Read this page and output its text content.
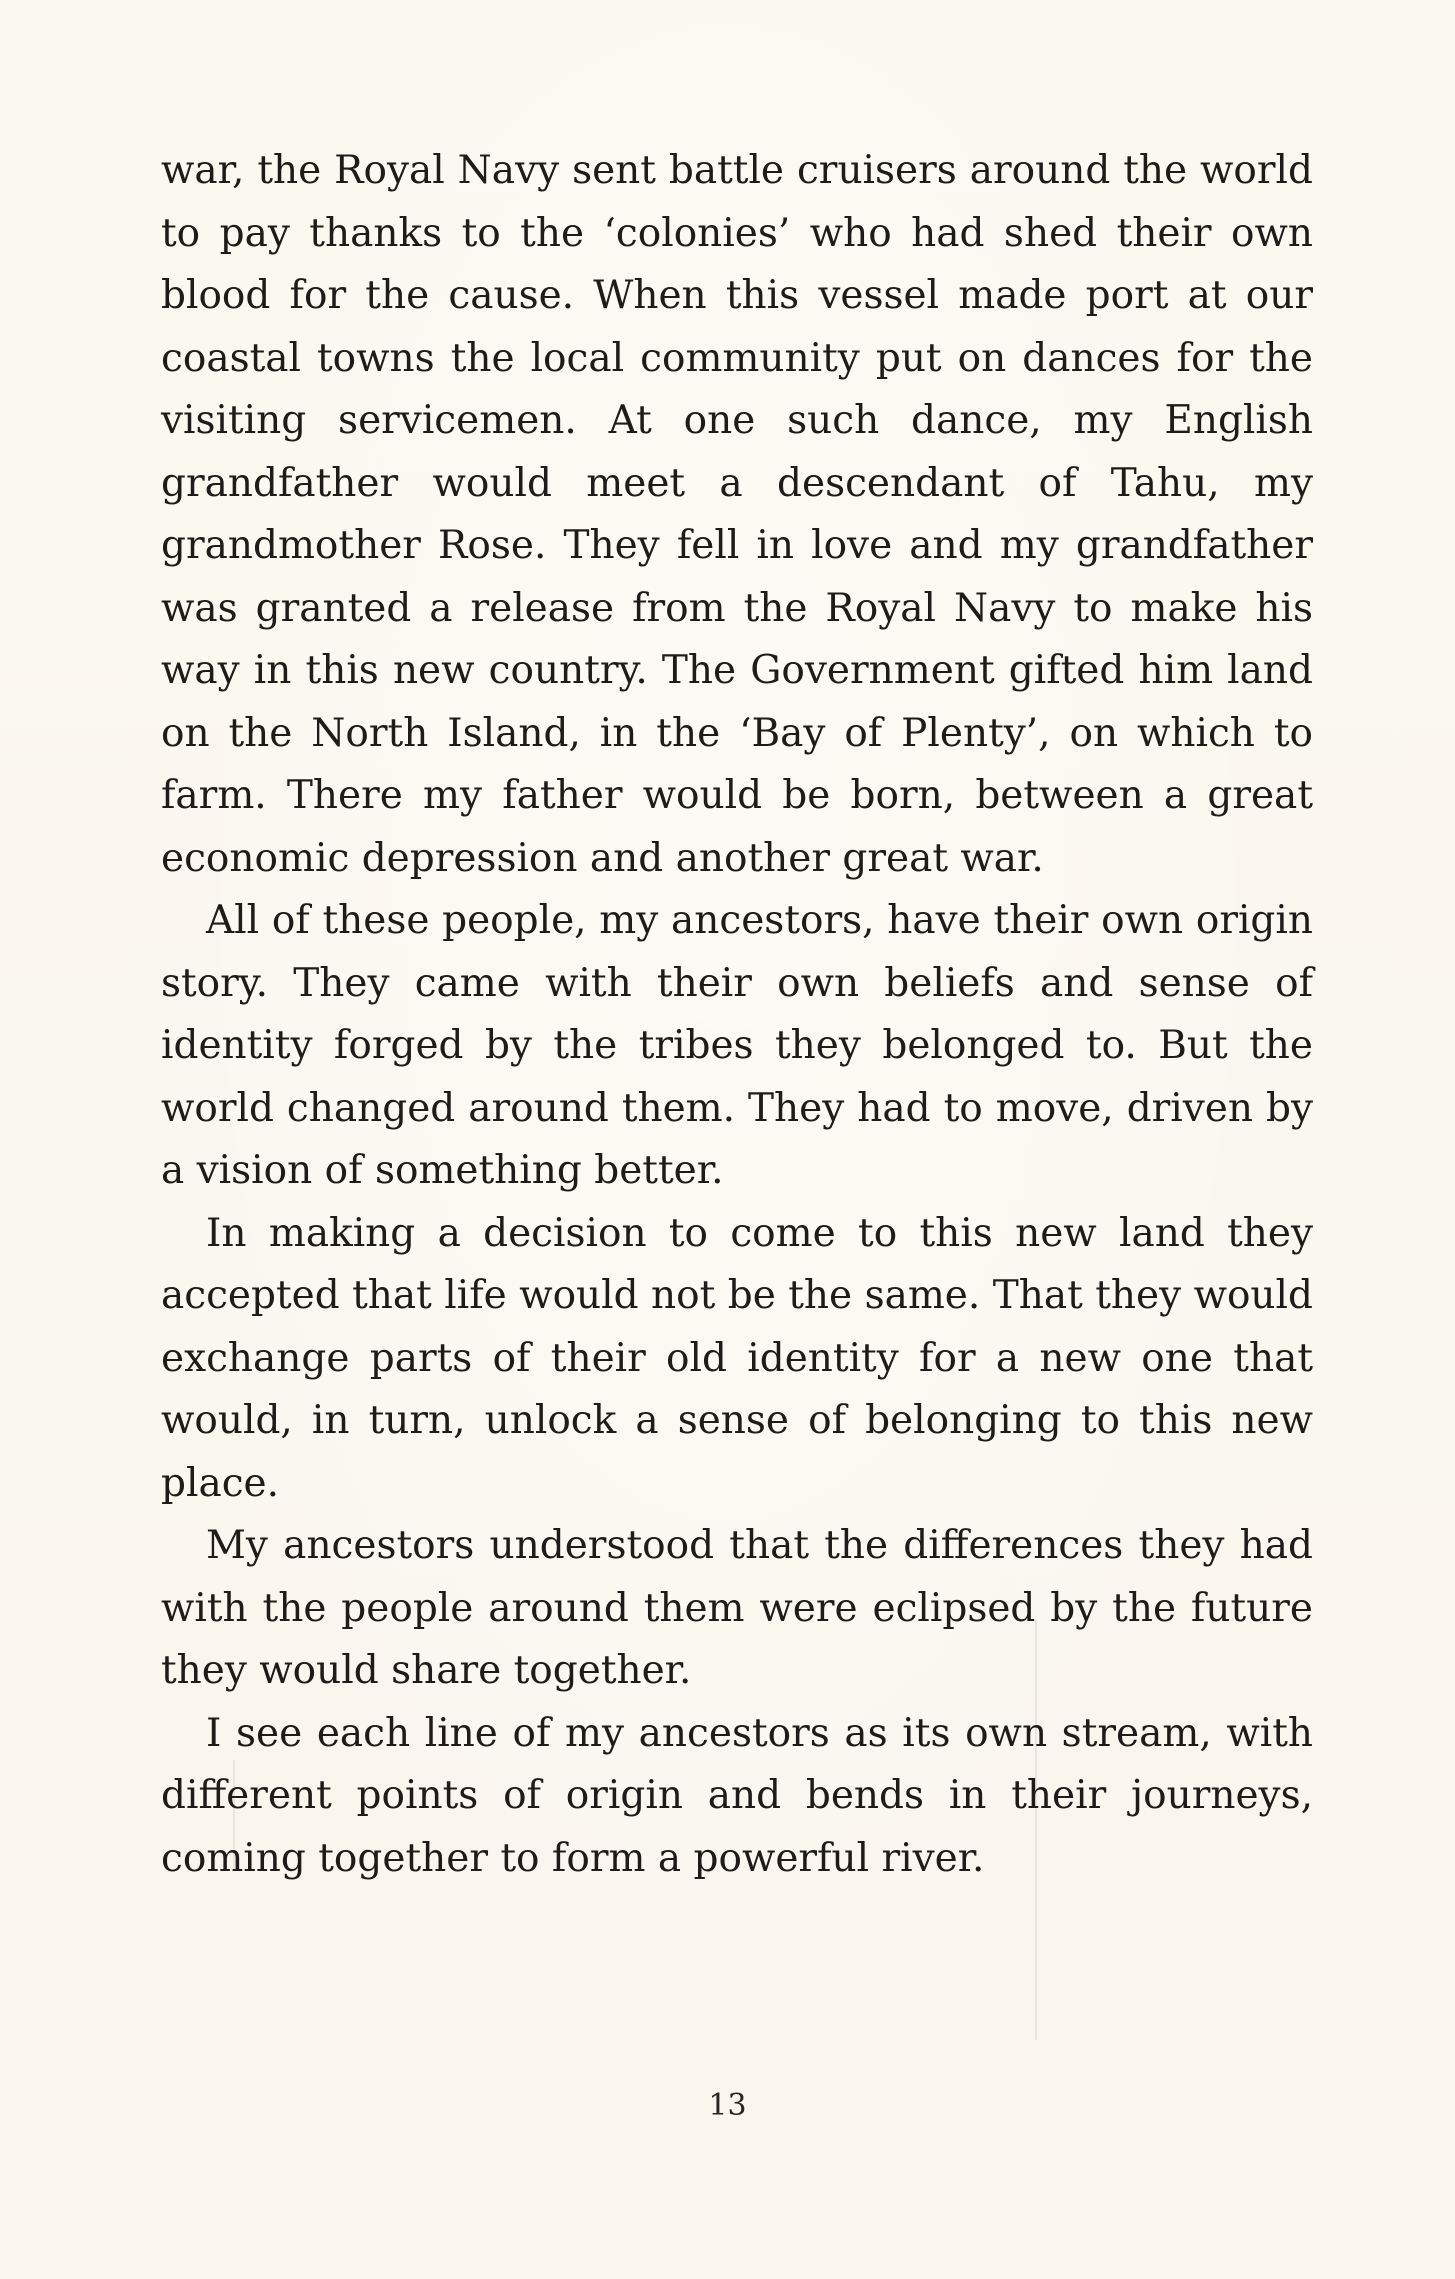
war, the Royal Navy sent battle cruisers around the world to pay thanks to the ‘colonies’ who had shed their own blood for the cause. When this vessel made port at our coastal towns the local community put on dances for the visiting servicemen. At one such dance, my English grandfather would meet a descendant of Tahu, my grandmother Rose. They fell in love and my grandfather was granted a release from the Royal Navy to make his way in this new country. The Government gifted him land on the North Island, in the ‘Bay of Plenty’, on which to farm. There my father would be born, between a great economic depression and another great war.

All of these people, my ancestors, have their own origin story. They came with their own beliefs and sense of identity forged by the tribes they belonged to. But the world changed around them. They had to move, driven by a vision of something better.

In making a decision to come to this new land they accepted that life would not be the same. That they would exchange parts of their old identity for a new one that would, in turn, unlock a sense of belonging to this new place.

My ancestors understood that the differences they had with the people around them were eclipsed by the future they would share together.

I see each line of my ancestors as its own stream, with different points of origin and bends in their journeys, coming together to form a powerful river.

13
